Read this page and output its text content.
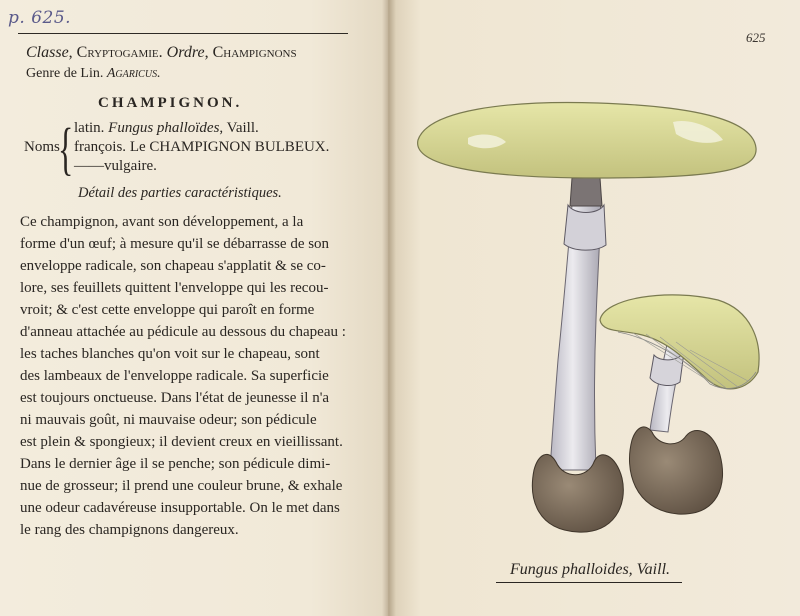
p. 625.
Classe, Cryptogamie. Ordre, Champignons
Genre de Lin. Agaricus.
CHAMPIGNON.
Noms
{ latin. Fungus phalloïdes, Vaill.
françois. Le CHAMPIGNON BULBEUX.
——vulgaire.
Détail des parties caractéristiques.
Ce champignon, avant son développement, a la
forme d'un œuf; à mesure qu'il se débarrasse de son
enveloppe radicale, son chapeau s'applatit & se co-
lore, ses feuillets quittent l'enveloppe qui les recou-
vroit; & c'est cette enveloppe qui paroît en forme
d'anneau attachée au pédicule au dessous du chapeau :
les taches blanches qu'on voit sur le chapeau, sont
des lambeaux de l'enveloppe radicale. Sa superficie
est toujours onctueuse. Dans l'état de jeunesse il n'a
ni mauvais goût, ni mauvaise odeur; son pédicule
est plein & spongieux; il devient creux en vieillissant.
Dans le dernier âge il se penche; son pédicule dimi-
nue de grosseur; il prend une couleur brune, & exhale
une odeur cadavéreuse insupportable. On le met dans
le rang des champignons dangereux.
625
Fungus phalloides, Vaill.
